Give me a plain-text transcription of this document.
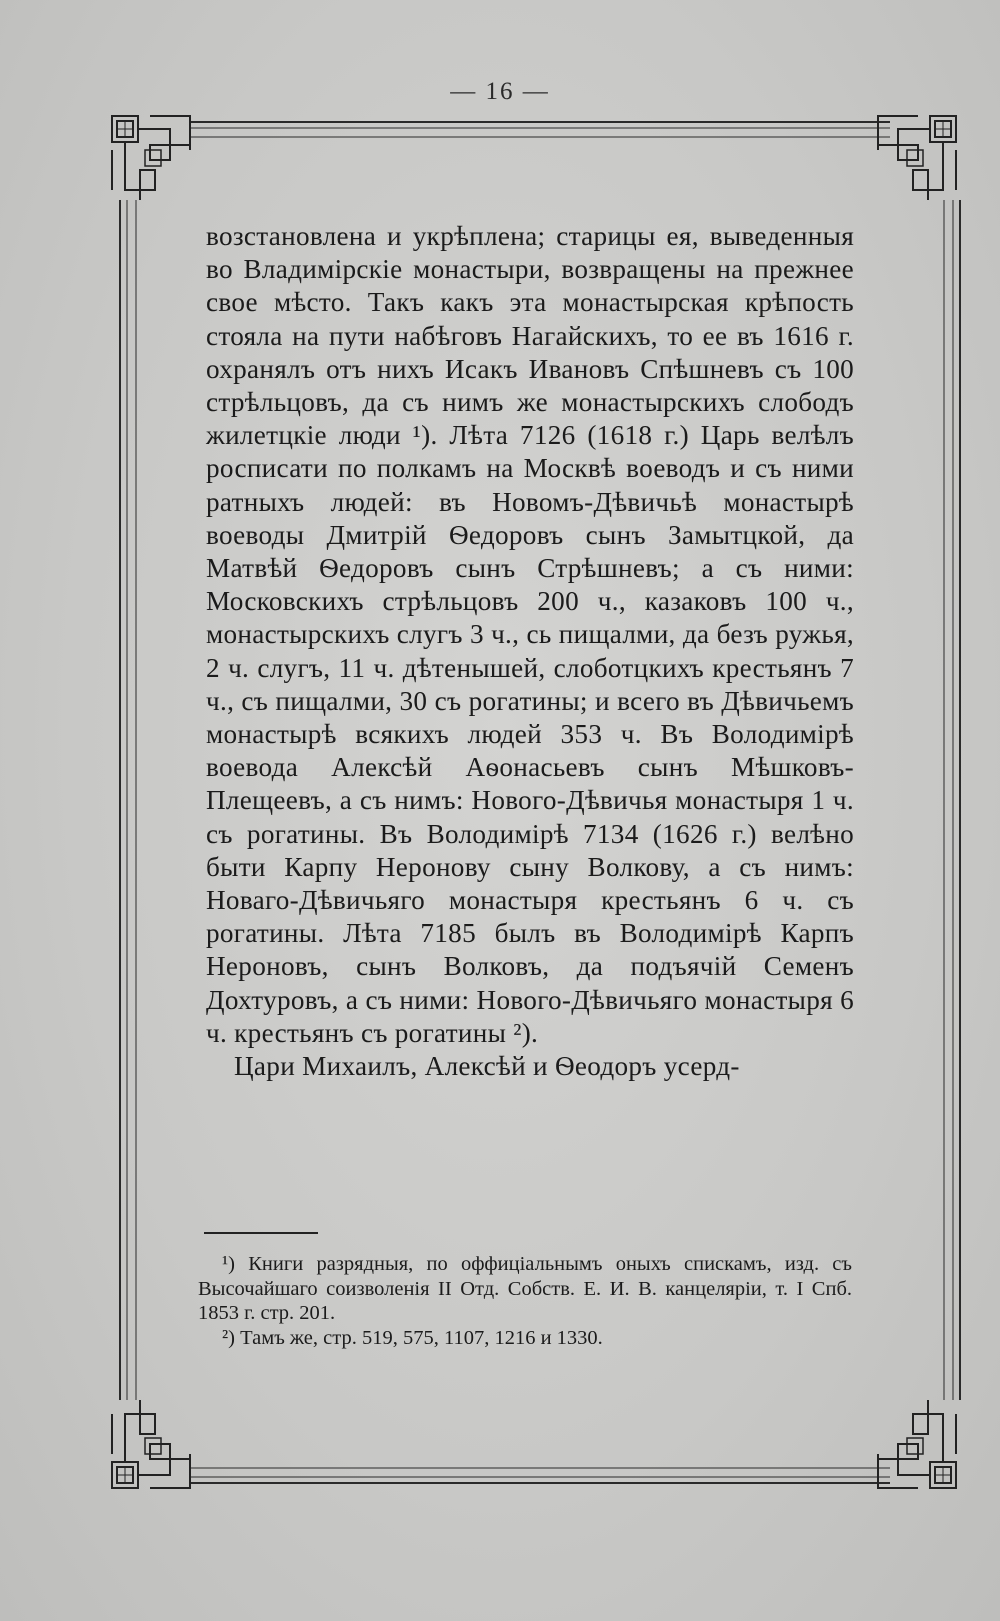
— 16 —

возстановлена и укрѣплена; старицы ея, выведенныя во Владимірскіе монастыри, возвращены на прежнее свое мѣсто. Такъ какъ эта монастырская крѣпость стояла на пути набѣговъ Нагайскихъ, то ее въ 1616 г. охранялъ отъ нихъ Исакъ Ивановъ Спѣшневъ съ 100 стрѣльцовъ, да съ нимъ же монастырскихъ слободъ жилетцкіе люди ¹). Лѣта 7126 (1618 г.) Царь велѣлъ росписати по полкамъ на Москвѣ воеводъ и съ ними ратныхъ людей: въ Новомъ-Дѣвичьѣ монастырѣ воеводы Дмитрій Ѳедоровъ сынъ Замытцкой, да Матвѣй Ѳедоровъ сынъ Стрѣшневъ; а съ ними: Московскихъ стрѣльцовъ 200 ч., казаковъ 100 ч., монастырскихъ слугъ 3 ч., сь пищалми, да безъ ружья, 2 ч. слугъ, 11 ч. дѣтенышей, слоботцкихъ крестьянъ 7 ч., съ пищалми, 30 съ рогатины; и всего въ Дѣвичьемъ монастырѣ всякихъ людей 353 ч. Въ Володимірѣ воевода Алексѣй Аѳонасьевъ сынъ Мѣшковъ-Плещеевъ, а съ нимъ: Нового-Дѣвичья монастыря 1 ч. съ рогатины. Въ Володимірѣ 7134 (1626 г.) велѣно быти Карпу Неронову сыну Волкову, а съ нимъ: Новаго-Дѣвичьяго монастыря крестьянъ 6 ч. съ рогатины. Лѣта 7185 былъ въ Володимірѣ Карпъ Нероновъ, сынъ Волковъ, да подъячій Семенъ Дохтуровъ, а съ ними: Нового-Дѣвичьяго монастыря 6 ч. крестьянъ съ рогатины ²).

Цари Михаилъ, Алексѣй и Ѳеодоръ усерд-

¹) Книги разрядныя, по оффиціальнымъ оныхъ спискамъ, изд. съ Высочайшаго соизволенія II Отд. Собств. Е. И. В. канцеляріи, т. I Спб. 1853 г. стр. 201.

²) Тамъ же, стр. 519, 575, 1107, 1216 и 1330.
